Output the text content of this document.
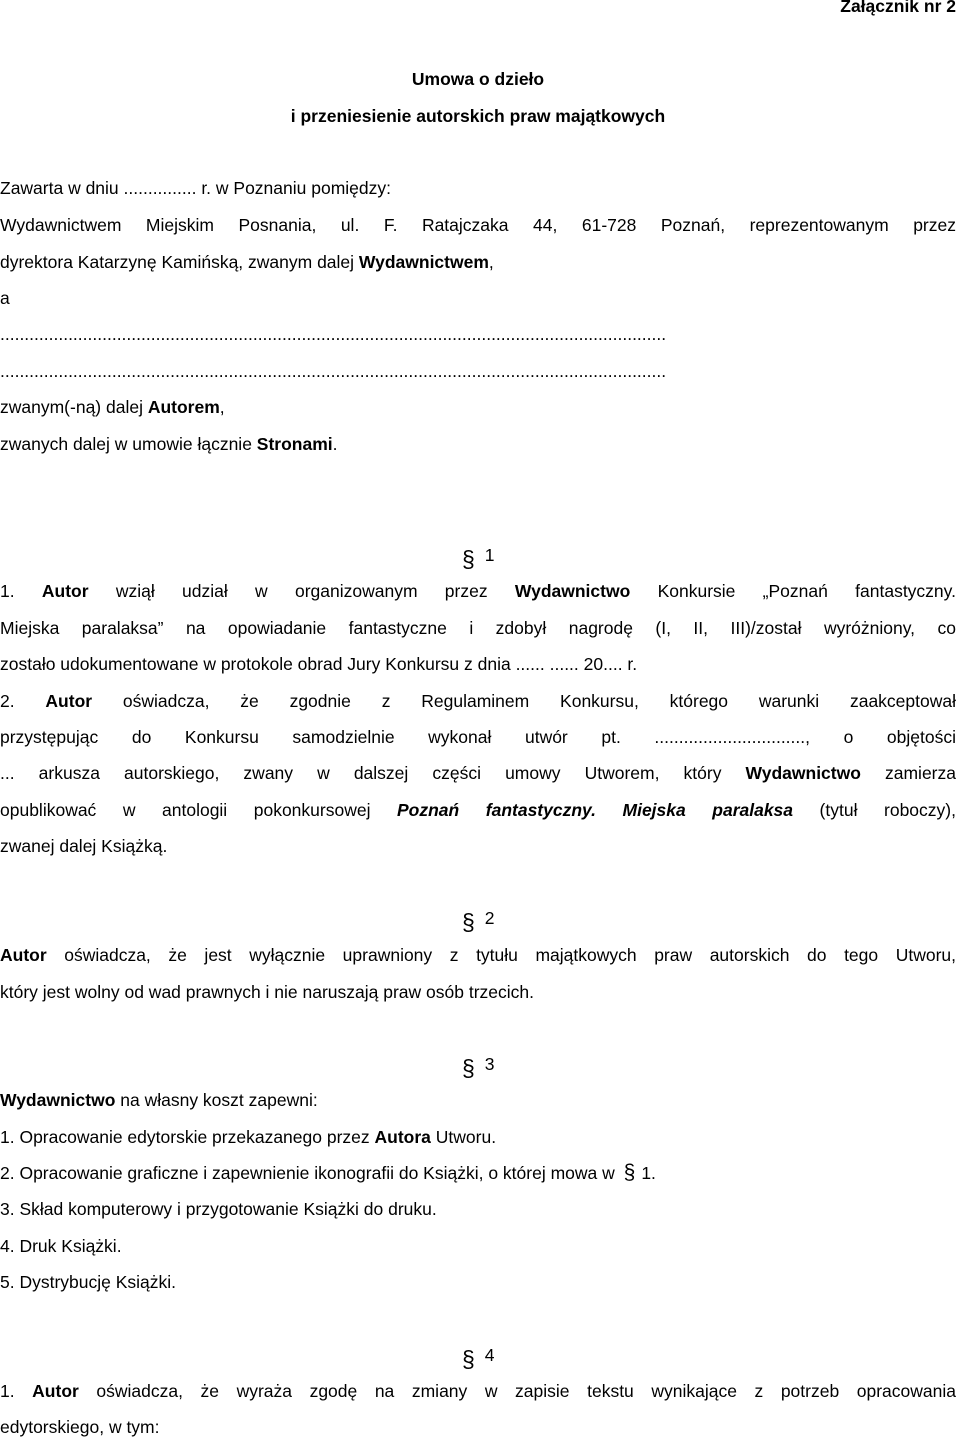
Załącznik nr 2
Umowa o dzieło
i przeniesienie autorskich praw majątkowych
Zawarta w dniu ............... r. w Poznaniu pomiędzy:
Wydawnictwem Miejskim Posnania, ul. F. Ratajczaka 44, 61-728 Poznań, reprezentowanym przez
dyrektora Katarzynę Kamińską, zwanym dalej Wydawnictwem,
a
.........................................................................................................................................
.........................................................................................................................................
zwanym(-ną) dalej Autorem,
zwanych dalej w umowie łącznie Stronami.
§ 1
1. Autor wziął udział w organizowanym przez Wydawnictwo Konkursie „Poznań fantastyczny.
Miejska paralaksa” na opowiadanie fantastyczne i zdobył nagrodę (I, II, III)/został wyróżniony, co
zostało udokumentowane w protokole obrad Jury Konkursu z dnia ...... ...... 20.... r.
2. Autor oświadcza, że zgodnie z Regulaminem Konkursu, którego warunki zaakceptował
przystępując do Konkursu samodzielnie wykonał utwór pt. ..............................., o objętości
... arkusza autorskiego, zwany w dalszej części umowy Utworem, który Wydawnictwo zamierza
opublikować w antologii pokonkursowej Poznań fantastyczny. Miejska paralaksa (tytuł roboczy),
zwanej dalej Książką.
§ 2
Autor oświadcza, że jest wyłącznie uprawniony z tytułu majątkowych praw autorskich do tego Utworu,
który jest wolny od wad prawnych i nie naruszają praw osób trzecich.
§ 3
Wydawnictwo na własny koszt zapewni:
1. Opracowanie edytorskie przekazanego przez Autora Utworu.
2. Opracowanie graficzne i zapewnienie ikonografii do Książki, o której mowa w § 1.
3. Skład komputerowy i przygotowanie Książki do druku.
4. Druk Książki.
5. Dystrybucję Książki.
§ 4
1. Autor oświadcza, że wyraża zgodę na zmiany w zapisie tekstu wynikające z potrzeb opracowania
edytorskiego, w tym:
